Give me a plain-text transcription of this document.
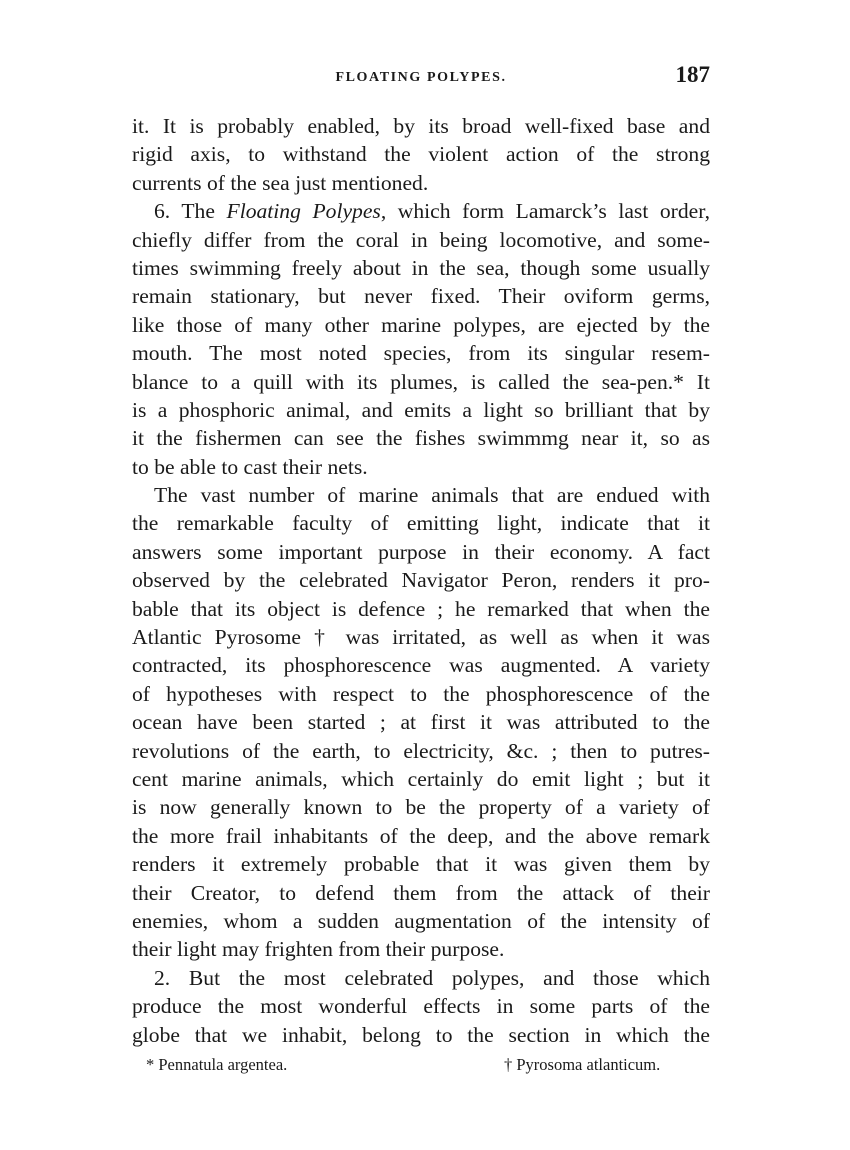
FLOATING POLYPES.	187
it. It is probably enabled, by its broad well-fixed base and
rigid axis, to withstand the violent action of the strong
currents of the sea just mentioned.
6. The Floating Polypes, which form Lamarck’s last order,
chiefly differ from the coral in being locomotive, and some-
times swimming freely about in the sea, though some usually
remain stationary, but never fixed. Their oviform germs,
like those of many other marine polypes, are ejected by the
mouth. The most noted species, from its singular resem-
blance to a quill with its plumes, is called the sea-pen.* It
is a phosphoric animal, and emits a light so brilliant that by
it the fishermen can see the fishes swimmmg near it, so as
to be able to cast their nets.
The vast number of marine animals that are endued with
the remarkable faculty of emitting light, indicate that it
answers some important purpose in their economy. A fact
observed by the celebrated Navigator Peron, renders it pro-
bable that its object is defence ; he remarked that when the
Atlantic Pyrosome † was irritated, as well as when it was
contracted, its phosphorescence was augmented. A variety
of hypotheses with respect to the phosphorescence of the
ocean have been started ; at first it was attributed to the
revolutions of the earth, to electricity, &c. ; then to putres-
cent marine animals, which certainly do emit light ; but it
is now generally known to be the property of a variety of
the more frail inhabitants of the deep, and the above remark
renders it extremely probable that it was given them by
their Creator, to defend them from the attack of their
enemies, whom a sudden augmentation of the intensity of
their light may frighten from their purpose.
2. But the most celebrated polypes, and those which
produce the most wonderful effects in some parts of the
globe that we inhabit, belong to the section in which the
* Pennatula argentea.	† Pyrosoma atlanticum.
